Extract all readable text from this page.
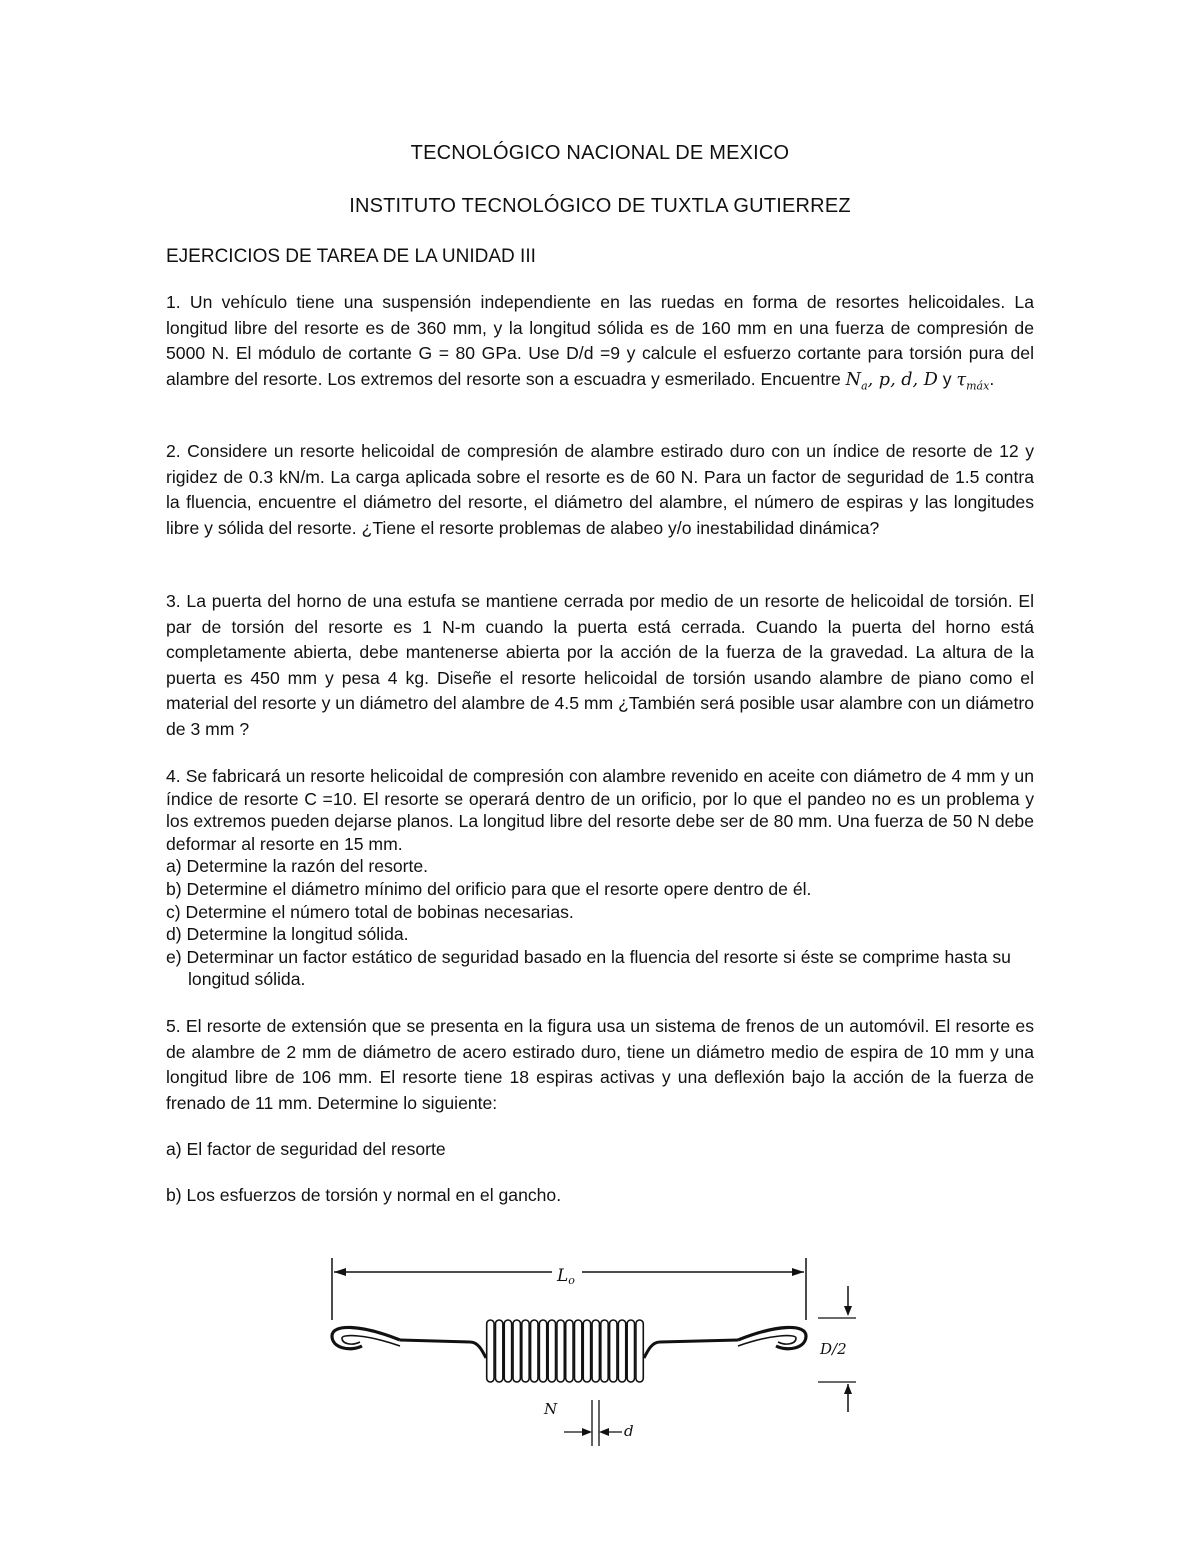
TECNOLÓGICO NACIONAL DE MEXICO
INSTITUTO TECNOLÓGICO DE TUXTLA GUTIERREZ
EJERCICIOS DE TAREA DE LA UNIDAD III
1. Un vehículo tiene una suspensión independiente en las ruedas en forma de resortes helicoidales. La longitud libre del resorte es de 360 mm, y la longitud sólida es de 160 mm en una fuerza de compresión de 5000 N. El módulo de cortante G = 80 GPa. Use D/d =9 y calcule el esfuerzo cortante para torsión pura del alambre del resorte. Los extremos del resorte son a escuadra y esmerilado. Encuentre $N_a$, p, d, D y $\tau_{máx}$.
2. Considere un resorte helicoidal de compresión de alambre estirado duro con un índice de resorte de 12 y rigidez de 0.3 kN/m. La carga aplicada sobre el resorte es de 60 N. Para un factor de seguridad de 1.5 contra la fluencia, encuentre el diámetro del resorte, el diámetro del alambre, el número de espiras y las longitudes libre y sólida del resorte. ¿Tiene el resorte problemas de alabeo y/o inestabilidad dinámica?
3. La puerta del horno de una estufa se mantiene cerrada por medio de un resorte de helicoidal de torsión. El par de torsión del resorte es 1 N-m cuando la puerta está cerrada. Cuando la puerta del horno está completamente abierta, debe mantenerse abierta por la acción de la fuerza de la gravedad. La altura de la puerta es 450 mm y pesa 4 kg. Diseñe el resorte helicoidal de torsión usando alambre de piano como el material del resorte y un diámetro del alambre de 4.5 mm ¿También será posible usar alambre con un diámetro de 3 mm ?
4. Se fabricará un resorte helicoidal de compresión con alambre revenido en aceite con diámetro de 4 mm y un índice de resorte C =10. El resorte se operará dentro de un orificio, por lo que el pandeo no es un problema y los extremos pueden dejarse planos. La longitud libre del resorte debe ser de 80 mm. Una fuerza de 50 N debe deformar al resorte en 15 mm.
a) Determine la razón del resorte.
b) Determine el diámetro mínimo del orificio para que el resorte opere dentro de él.
c) Determine el número total de bobinas necesarias.
d) Determine la longitud sólida.
e) Determinar un factor estático de seguridad basado en la fluencia del resorte si éste se comprime hasta su longitud sólida.
5. El resorte de extensión que se presenta en la figura usa un sistema de frenos de un automóvil. El resorte es de alambre de 2 mm de diámetro de acero estirado duro, tiene un diámetro medio de espira de 10 mm y una longitud libre de 106 mm. El resorte tiene 18 espiras activas y una deflexión bajo la acción de la fuerza de frenado de 11 mm. Determine lo siguiente:
a) El factor de seguridad del resorte
b) Los esfuerzos de torsión y normal en el gancho.
Lo
D/2
N
d
